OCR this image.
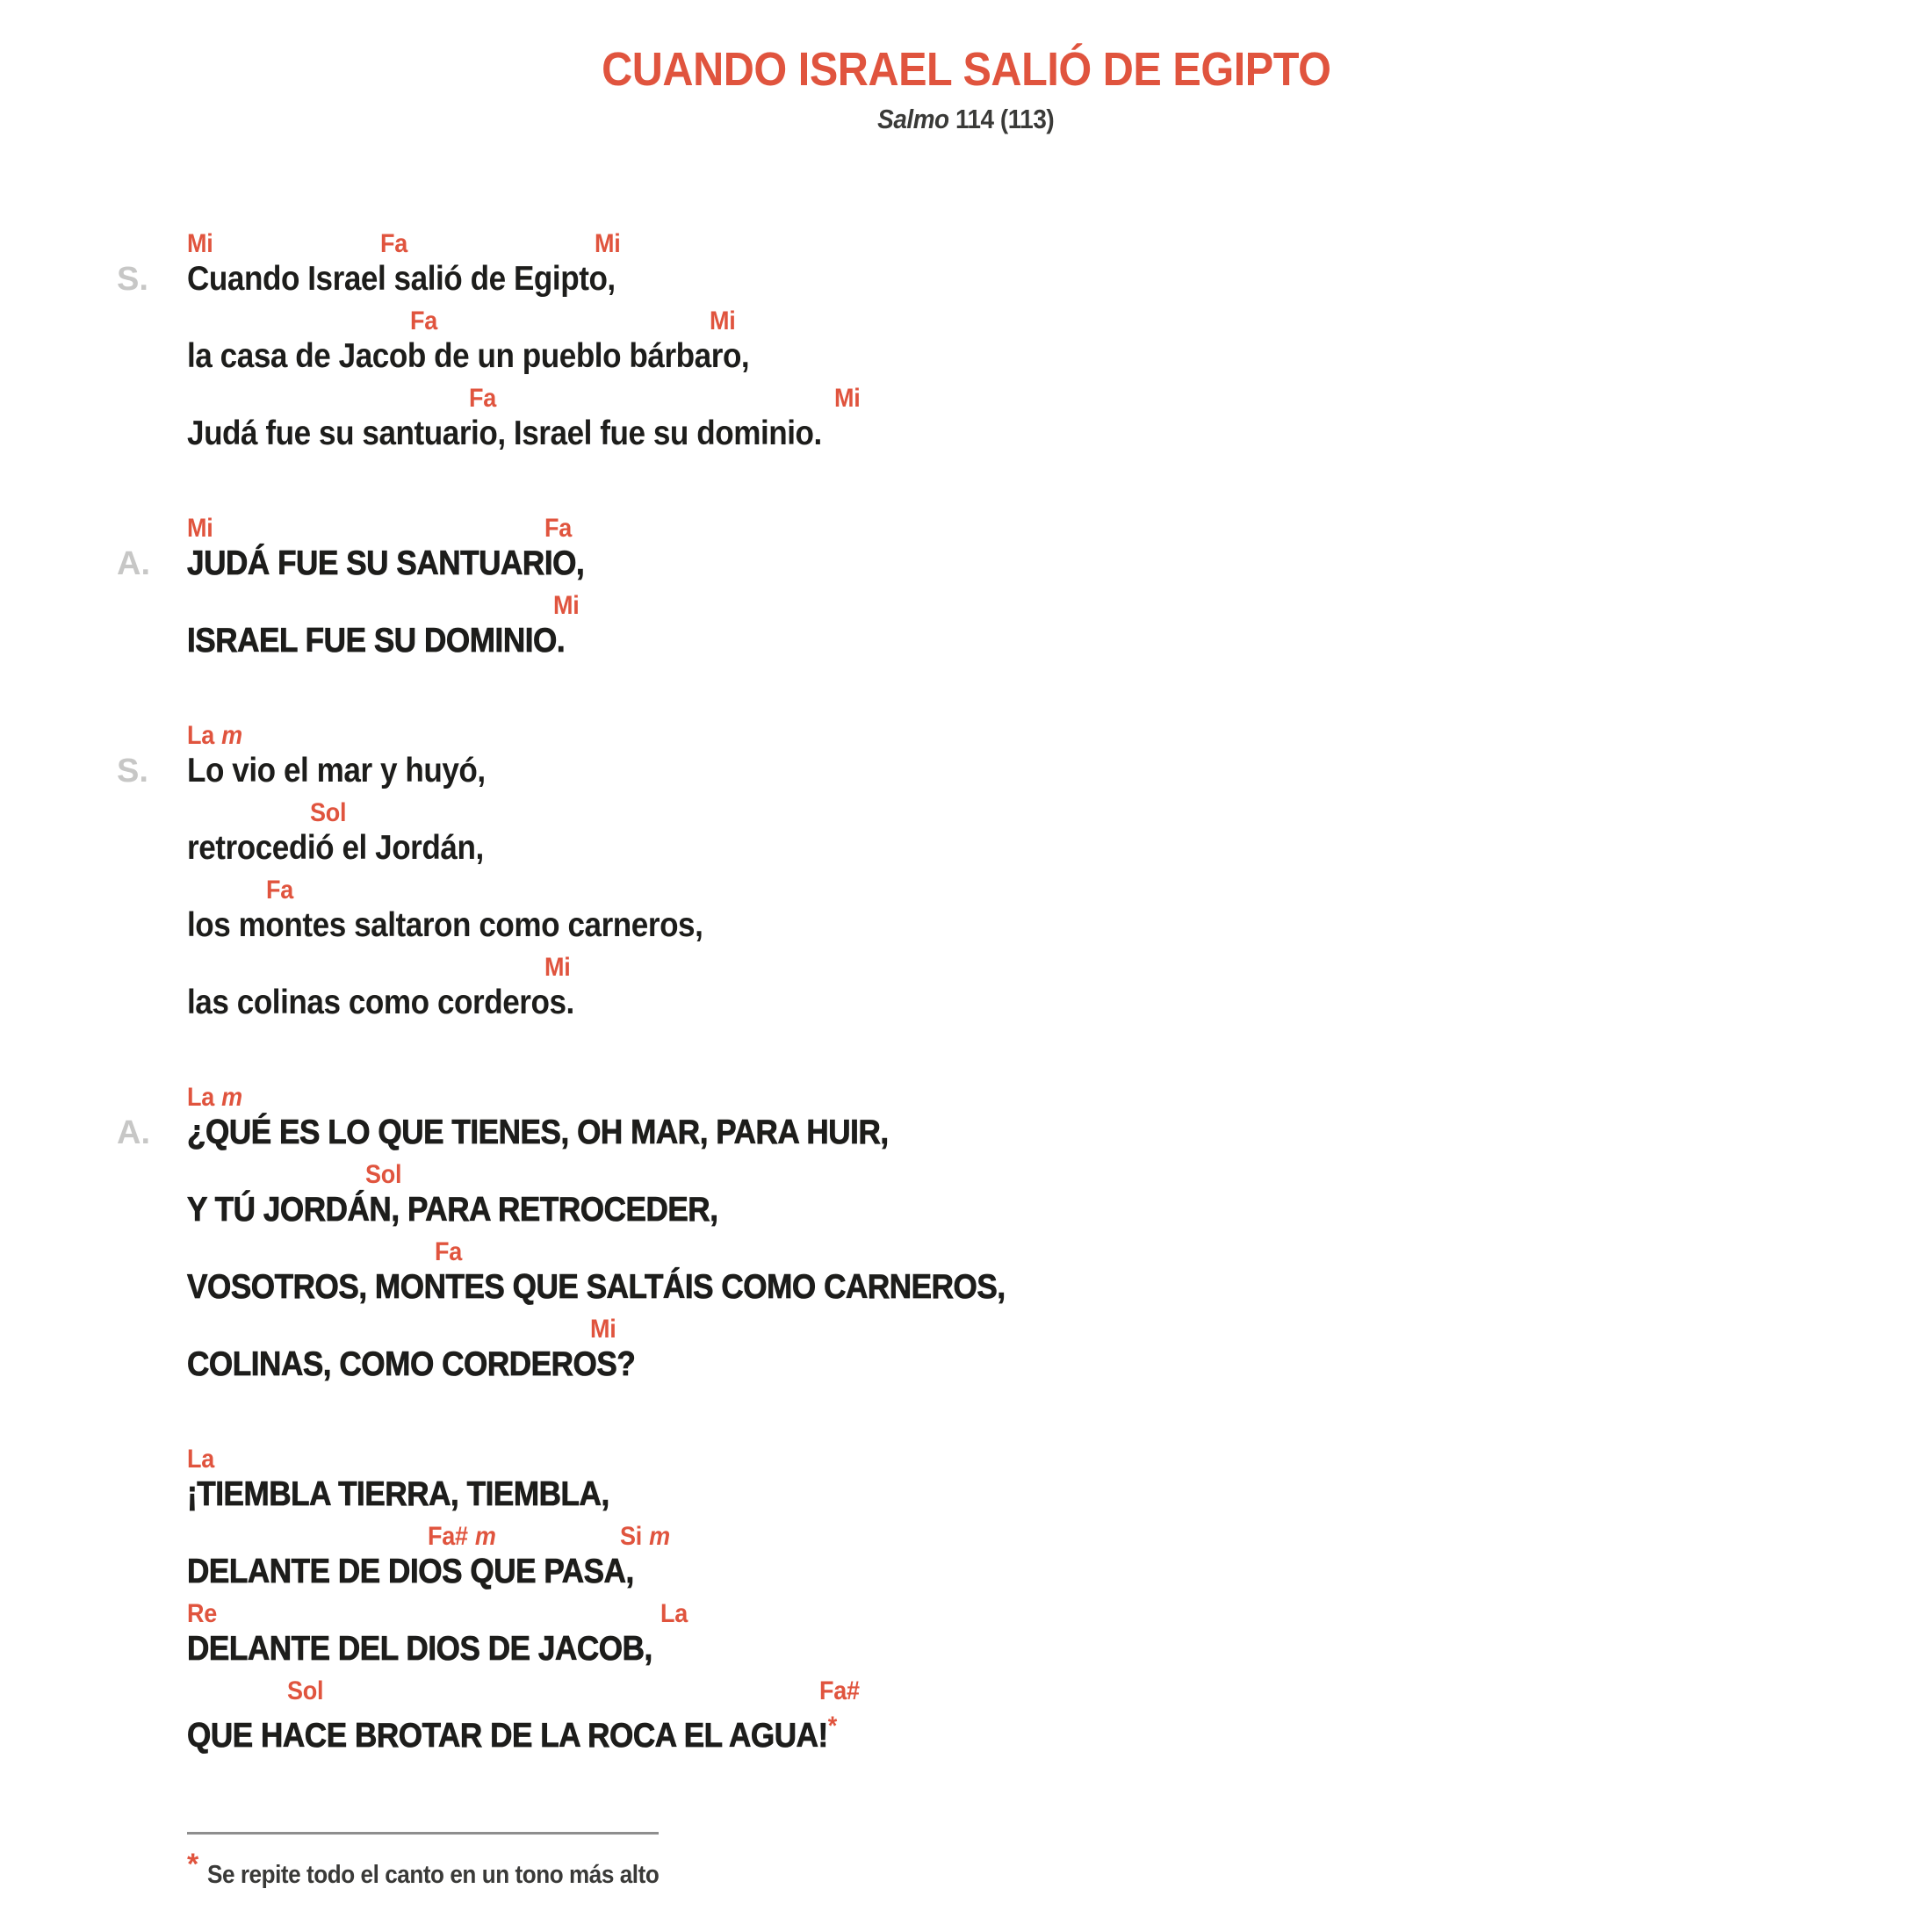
CUANDO ISRAEL SALIÓ DE EGIPTO
Salmo 114 (113)
S.
Mi	Fa	Mi
Cuando Israel salió de Egipto,
Fa	Mi
la casa de Jacob de un pueblo bárbaro,
Fa	Mi
Judá fue su santuario, Israel fue su dominio.
A.
Mi	Fa
JUDÁ FUE SU SANTUARIO,
Mi
ISRAEL FUE SU DOMINIO.
S.
La m
Lo vio el mar y huyó,
Sol
retrocedió el Jordán,
Fa
los montes saltaron como carneros,
Mi
las colinas como corderos.
A.
La m
¿QUÉ ES LO QUE TIENES, OH MAR, PARA HUIR,
Sol
Y TÚ JORDÁN, PARA RETROCEDER,
Fa
VOSOTROS, MONTES QUE SALTÁIS COMO CARNEROS,
Mi
COLINAS, COMO CORDEROS?
La
¡TIEMBLA TIERRA, TIEMBLA,
Fa# m	Si m
DELANTE DE DIOS QUE PASA,
Re	La
DELANTE DEL DIOS DE JACOB,
Sol	Fa#
QUE HACE BROTAR DE LA ROCA EL AGUA!*
* Se repite todo el canto en un tono más alto
